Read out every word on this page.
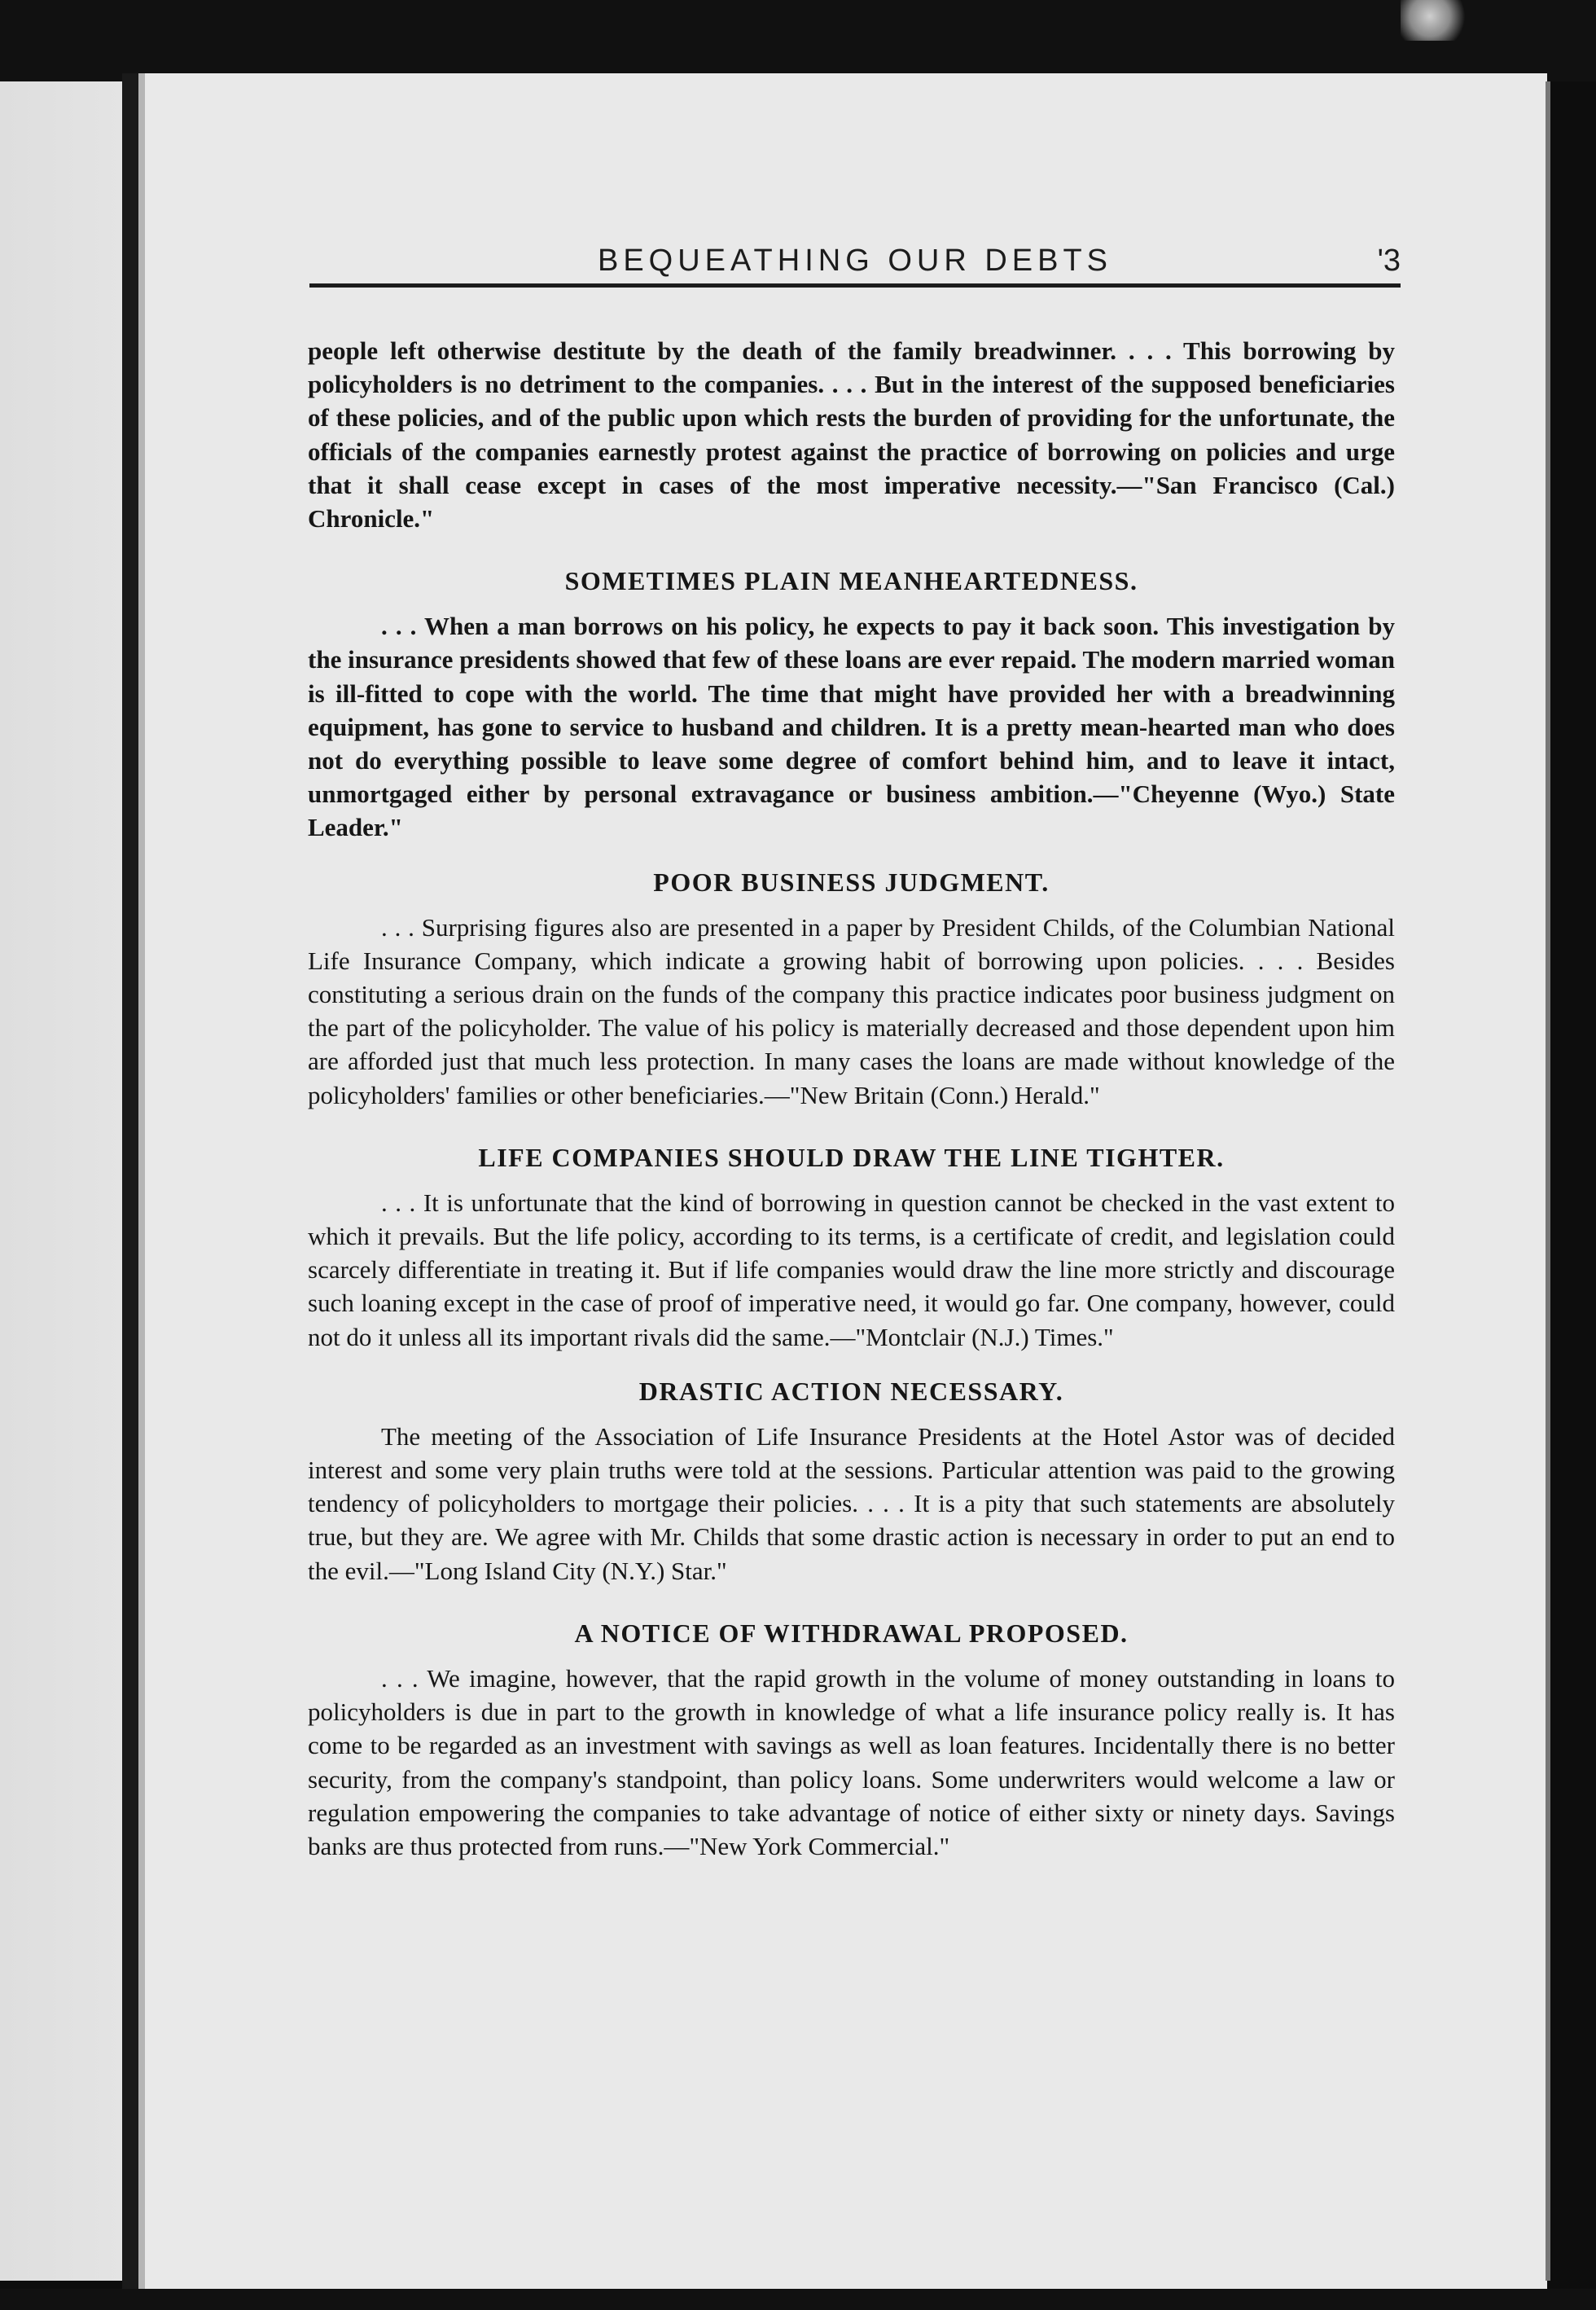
BEQUEATHING OUR DEBTS	'3

people left otherwise destitute by the death of the family breadwinner. . . . This borrowing by policyholders is no detriment to the companies. . . . But in the interest of the supposed beneficiaries of these policies, and of the public upon which rests the burden of providing for the unfortunate, the officials of the companies earnestly protest against the practice of borrowing on policies and urge that it shall cease except in cases of the most imperative necessity.—"San Francisco (Cal.) Chronicle."

SOMETIMES PLAIN MEANHEARTEDNESS.

. . . When a man borrows on his policy, he expects to pay it back soon. This investigation by the insurance presidents showed that few of these loans are ever repaid. The modern married woman is ill-fitted to cope with the world. The time that might have provided her with a breadwinning equipment, has gone to service to husband and children. It is a pretty mean-hearted man who does not do everything possible to leave some degree of comfort behind him, and to leave it intact, unmortgaged either by personal extravagance or business ambition.—"Cheyenne (Wyo.) State Leader."

POOR BUSINESS JUDGMENT.

. . . Surprising figures also are presented in a paper by President Childs, of the Columbian National Life Insurance Company, which indicate a growing habit of borrowing upon policies. . . . Besides constituting a serious drain on the funds of the company this practice indicates poor business judgment on the part of the policyholder. The value of his policy is materially decreased and those dependent upon him are afforded just that much less protection. In many cases the loans are made without knowledge of the policyholders' families or other beneficiaries.—"New Britain (Conn.) Herald."

LIFE COMPANIES SHOULD DRAW THE LINE TIGHTER.

. . . It is unfortunate that the kind of borrowing in question cannot be checked in the vast extent to which it prevails. But the life policy, according to its terms, is a certificate of credit, and legislation could scarcely differentiate in treating it. But if life companies would draw the line more strictly and discourage such loaning except in the case of proof of imperative need, it would go far. One company, however, could not do it unless all its important rivals did the same.—"Montclair (N.J.) Times."

DRASTIC ACTION NECESSARY.

The meeting of the Association of Life Insurance Presidents at the Hotel Astor was of decided interest and some very plain truths were told at the sessions. Particular attention was paid to the growing tendency of policyholders to mortgage their policies. . . . It is a pity that such statements are absolutely true, but they are. We agree with Mr. Childs that some drastic action is necessary in order to put an end to the evil.—"Long Island City (N.Y.) Star."

A NOTICE OF WITHDRAWAL PROPOSED.

. . . We imagine, however, that the rapid growth in the volume of money outstanding in loans to policyholders is due in part to the growth in knowledge of what a life insurance policy really is. It has come to be regarded as an investment with savings as well as loan features. Incidentally there is no better security, from the company's standpoint, than policy loans. Some underwriters would welcome a law or regulation empowering the companies to take advantage of notice of either sixty or ninety days. Savings banks are thus protected from runs.—"New York Commercial."
